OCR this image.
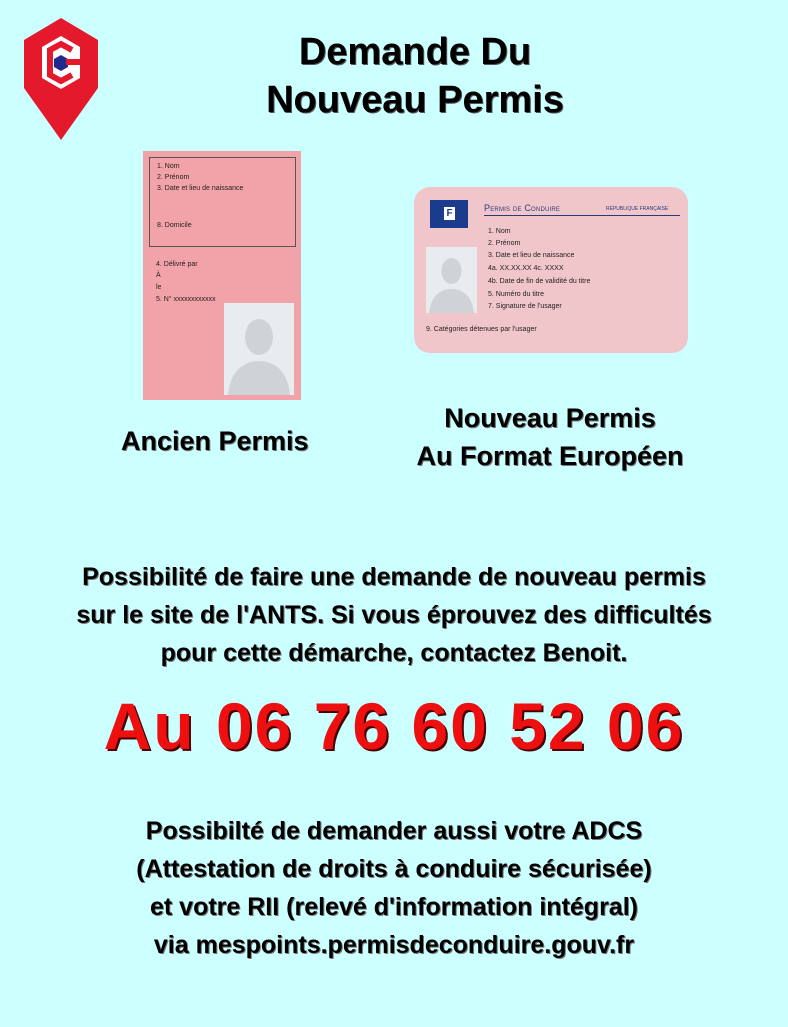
Demande Du
Nouveau Permis
1. Nom
2. Prénom
3. Date et lieu de naissance
8. Domicile
4. Délivré par
À
le
5. N° xxxxxxxxxxxx
F	Permis de Conduire	RÉPUBLIQUE FRANÇAISE
1. Nom
2. Prénom
3. Date et lieu de naissance
4a. XX.XX.XX 4c. XXXX
4b. Date de fin de validité du titre
5. Numéro du titre
7. Signature de l'usager
9. Catégories détenues par l'usager
Ancien Permis
Nouveau Permis
Au Format Européen
Possibilité de faire une demande de nouveau permis
sur le site de l'ANTS. Si vous éprouvez des difficultés
pour cette démarche, contactez Benoit.
Au 06 76 60 52 06
Possibilté de demander aussi votre ADCS
(Attestation de droits à conduire sécurisée)
et votre RII (relevé d'information intégral)
via mespoints.permisdeconduire.gouv.fr
